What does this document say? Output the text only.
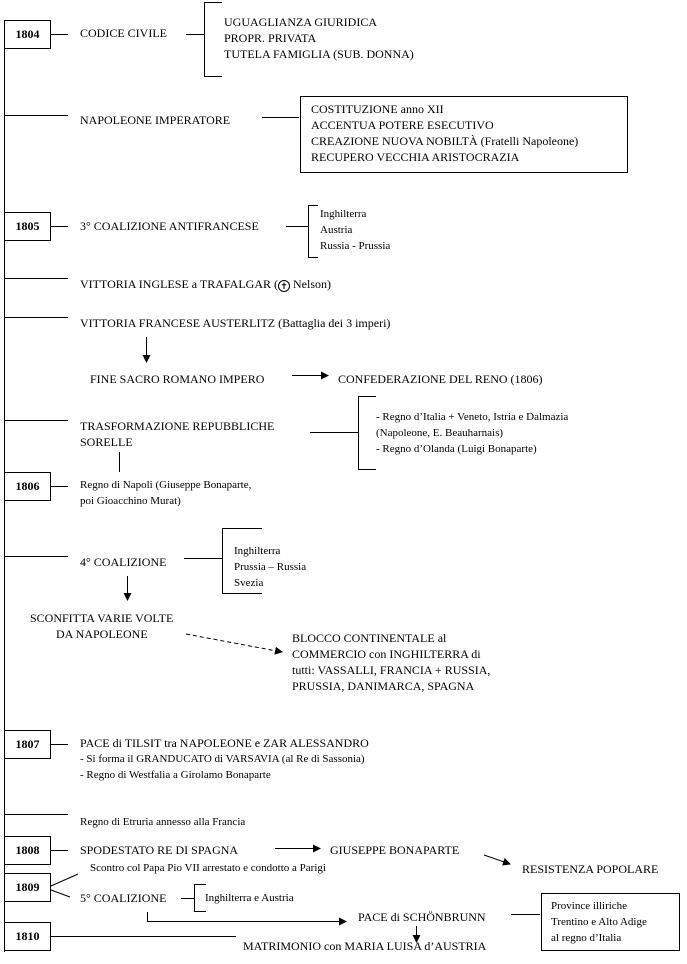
1804
1805
1806
1807
1808
1809
1810
CODICE CIVILE
UGUAGLIANZA GIURIDICA
PROPR. PRIVATA
TUTELA FAMIGLIA (SUB. DONNA)
NAPOLEONE IMPERATORE
COSTITUZIONE anno XII
ACCENTUA POTERE ESECUTIVO
CREAZIONE NUOVA NOBILTÀ (Fratelli Napoleone)
RECUPERO VECCHIA ARISTOCRAZIA
3° COALIZIONE ANTIFRANCESE
Inghilterra
Austria
Russia - Prussia
VITTORIA INGLESE a TRAFALGAR ( ✝ Nelson)
VITTORIA FRANCESE AUSTERLITZ (Battaglia dei 3 imperi)
FINE SACRO ROMANO IMPERO	CONFEDERAZIONE DEL RENO (1806)
TRASFORMAZIONE REPUBBLICHE
SORELLE
- Regno d’Italia + Veneto, Istria e Dalmazia
(Napoleone, E. Beauharnais)
- Regno d’Olanda (Luigi Bonaparte)
Regno di Napoli (Giuseppe Bonaparte,
poi Gioacchino Murat)
4° COALIZIONE
Inghilterra
Prussia – Russia
Svezia
SCONFITTA VARIE VOLTE
DA NAPOLEONE	BLOCCO CONTINENTALE al
COMMERCIO con INGHILTERRA di
tutti: VASSALLI, FRANCIA + RUSSIA,
PRUSSIA, DANIMARCA, SPAGNA
PACE di TILSIT tra NAPOLEONE e ZAR ALESSANDRO
- Si forma il GRANDUCATO di VARSAVIA (al Re di Sassonia)
- Regno di Westfalia a Girolamo Bonaparte
Regno di Etruria annesso alla Francia
SPODESTATO RE DI SPAGNA	GIUSEPPE BONAPARTE
RESISTENZA POPOLARE
Scontro col Papa Pio VII arrestato e condotto a Parigi
5° COALIZIONE	Inghilterra e Austria
PACE di SCHÖNBRUNN
Province illiriche
Trentino e Alto Adige
al regno d’Italia
MATRIMONIO con MARIA LUISA d’AUSTRIA
